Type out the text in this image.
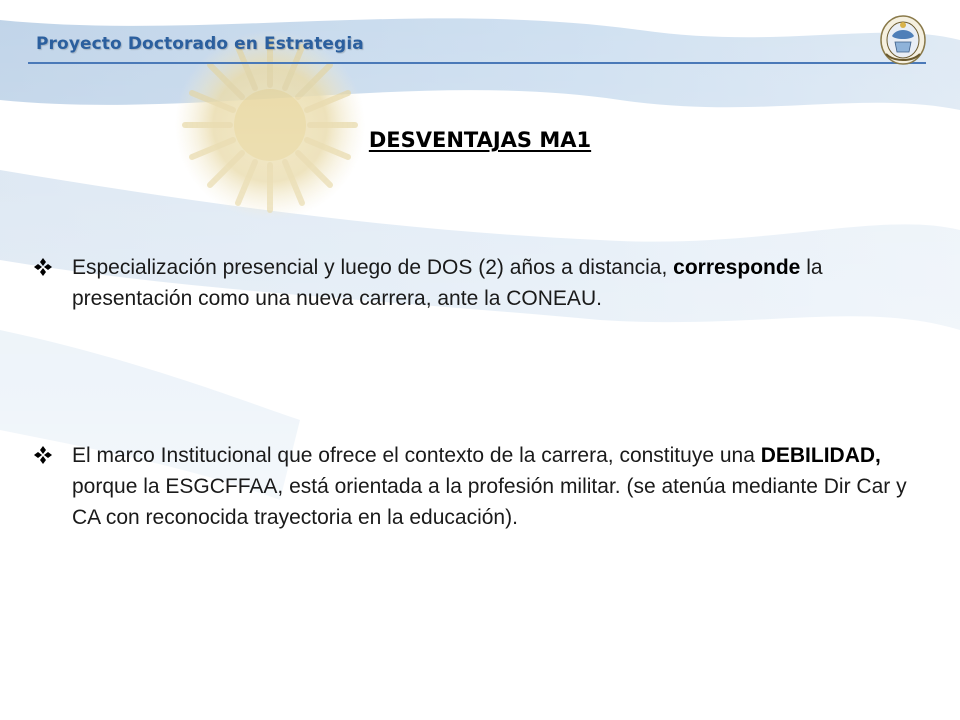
Proyecto Doctorado en Estrategia
DESVENTAJAS MA1
Especialización presencial y luego de DOS (2) años a distancia, corresponde la presentación como una nueva carrera, ante la CONEAU.
El marco Institucional que ofrece el contexto de la carrera, constituye una DEBILIDAD, porque la ESGCFFAA, está orientada a la profesión militar. (se atenúa mediante Dir Car y CA con reconocida trayectoria en la educación).
